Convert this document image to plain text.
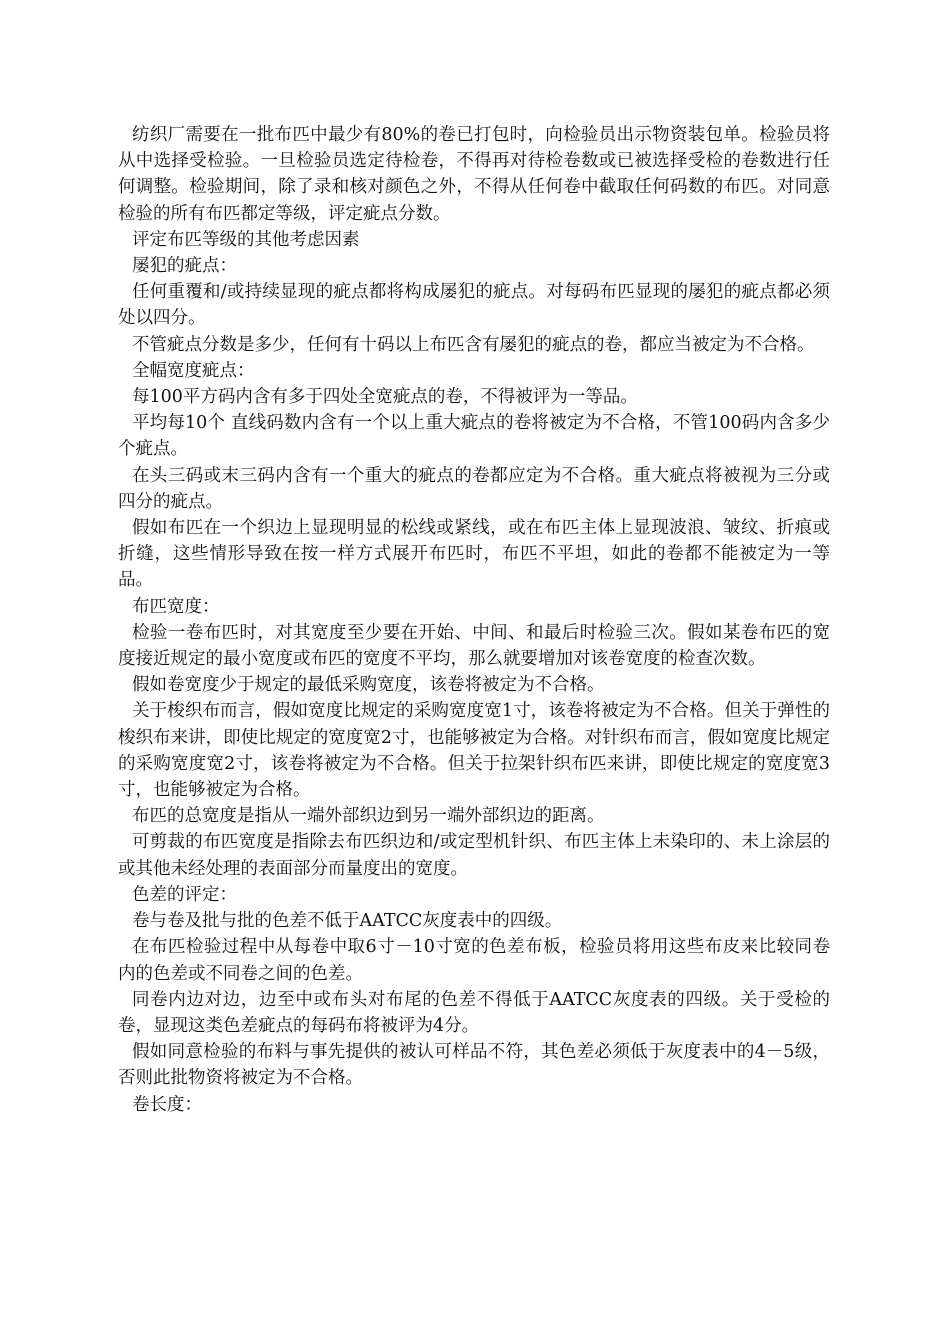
纺织厂需要在一批布匹中最少有80%的卷已打包时，向检验员出示物资装包单。检验员将从中选择受检验。一旦检验员选定待检卷，不得再对待检卷数或已被选择受检的卷数进行任何调整。检验期间，除了录和核对颜色之外，不得从任何卷中截取任何码数的布匹。对同意检验的所有布匹都定等级，评定疵点分数。

评定布匹等级的其他考虑因素

屡犯的疵点：

任何重覆和/或持续显现的疵点都将构成屡犯的疵点。对每码布匹显现的屡犯的疵点都必须处以四分。

不管疵点分数是多少，任何有十码以上布匹含有屡犯的疵点的卷，都应当被定为不合格。

全幅宽度疵点：

每100平方码内含有多于四处全宽疵点的卷，不得被评为一等品。

平均每10个 直线码数内含有一个以上重大疵点的卷将被定为不合格，不管100码内含多少个疵点。

在头三码或末三码内含有一个重大的疵点的卷都应定为不合格。重大疵点将被视为三分或四分的疵点。

假如布匹在一个织边上显现明显的松线或紧线，或在布匹主体上显现波浪、皱纹、折痕或折缝，这些情形导致在按一样方式展开布匹时，布匹不平坦，如此的卷都不能被定为一等品。

布匹宽度：

检验一卷布匹时，对其宽度至少要在开始、中间、和最后时检验三次。假如某卷布匹的宽度接近规定的最小宽度或布匹的宽度不平均，那么就要增加对该卷宽度的检查次数。

假如卷宽度少于规定的最低采购宽度，该卷将被定为不合格。

关于梭织布而言，假如宽度比规定的采购宽度宽1寸，该卷将被定为不合格。但关于弹性的梭织布来讲，即使比规定的宽度宽2寸，也能够被定为合格。对针织布而言，假如宽度比规定的采购宽度宽2寸，该卷将被定为不合格。但关于拉架针织布匹来讲，即使比规定的宽度宽3寸，也能够被定为合格。

布匹的总宽度是指从一端外部织边到另一端外部织边的距离。

可剪裁的布匹宽度是指除去布匹织边和/或定型机针织、布匹主体上未染印的、未上涂层的或其他未经处理的表面部分而量度出的宽度。

色差的评定：

卷与卷及批与批的色差不低于AATCC灰度表中的四级。

在布匹检验过程中从每卷中取6寸－10寸宽的色差布板，检验员将用这些布皮来比较同卷内的色差或不同卷之间的色差。

同卷内边对边，边至中或布头对布尾的色差不得低于AATCC灰度表的四级。关于受检的卷，显现这类色差疵点的每码布将被评为4分。

假如同意检验的布料与事先提供的被认可样品不符，其色差必须低于灰度表中的4－5级，否则此批物资将被定为不合格。

卷长度：
